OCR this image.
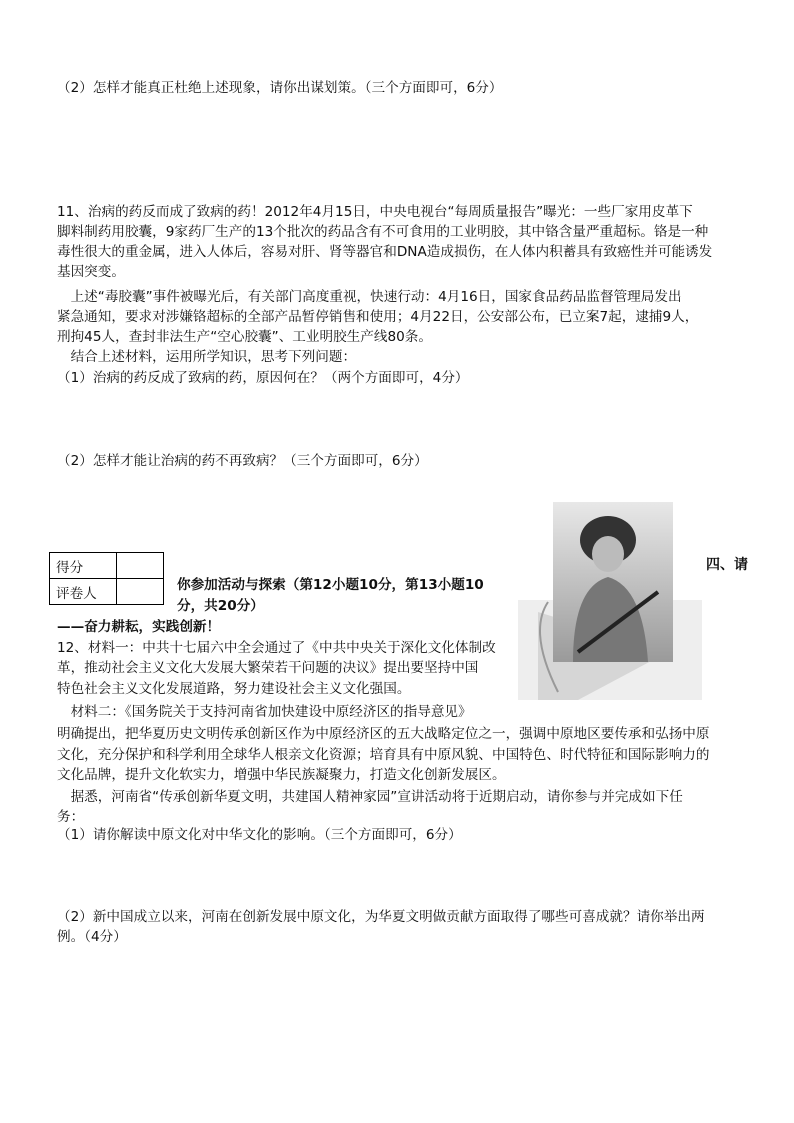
（2）怎样才能真正杜绝上述现象，请你出谋划策。（三个方面即可，6分）
11、治病的药反而成了致病的药！2012年4月15日，中央电视台“每周质量报告”曝光：一些厂家用皮革下
脚料制药用胶囊，9家药厂生产的13个批次的药品含有不可食用的工业明胶，其中铬含量严重超标。铬是一种
毒性很大的重金属，进入人体后，容易对肝、肾等器官和DNA造成损伤，在人体内积蓄具有致癌性并可能诱发
基因突变。
　上述“毒胶囊”事件被曝光后，有关部门高度重视，快速行动：4月16日，国家食品药品监督管理局发出
紧急通知，要求对涉嫌铬超标的全部产品暂停销售和使用；4月22日，公安部公布，已立案7起，逮捕9人，
刑拘45人，查封非法生产“空心胶囊”、工业明胶生产线80条。
　结合上述材料，运用所学知识，思考下列问题：
（1）治病的药反成了致病的药，原因何在？（两个方面即可，4分）
（2）怎样才能让治病的药不再致病？（三个方面即可，6分）
得分	
评卷人	
四、请
你参加活动与探索（第12小题10分，第13小题10
分，共20分）
——奋力耕耘，实践创新！
12、材料一：中共十七届六中全会通过了《中共中央关于深化文化体制改
革，推动社会主义文化大发展大繁荣若干问题的决议》提出要坚持中国
特色社会主义文化发展道路，努力建设社会主义文化强国。
　材料二：《国务院关于支持河南省加快建设中原经济区的指导意见》
明确提出，把华夏历史文明传承创新区作为中原经济区的五大战略定位之一，强调中原地区要传承和弘扬中原
文化，充分保护和科学利用全球华人根亲文化资源；培育具有中原风貌、中国特色、时代特征和国际影响力的
文化品牌，提升文化软实力，增强中华民族凝聚力，打造文化创新发展区。
　据悉，河南省“传承创新华夏文明，共建国人精神家园”宣讲活动将于近期启动，请你参与并完成如下任
务：
（1）请你解读中原文化对中华文化的影响。（三个方面即可，6分）
（2）新中国成立以来，河南在创新发展中原文化，为华夏文明做贡献方面取得了哪些可喜成就？请你举出两
例。（4分）
